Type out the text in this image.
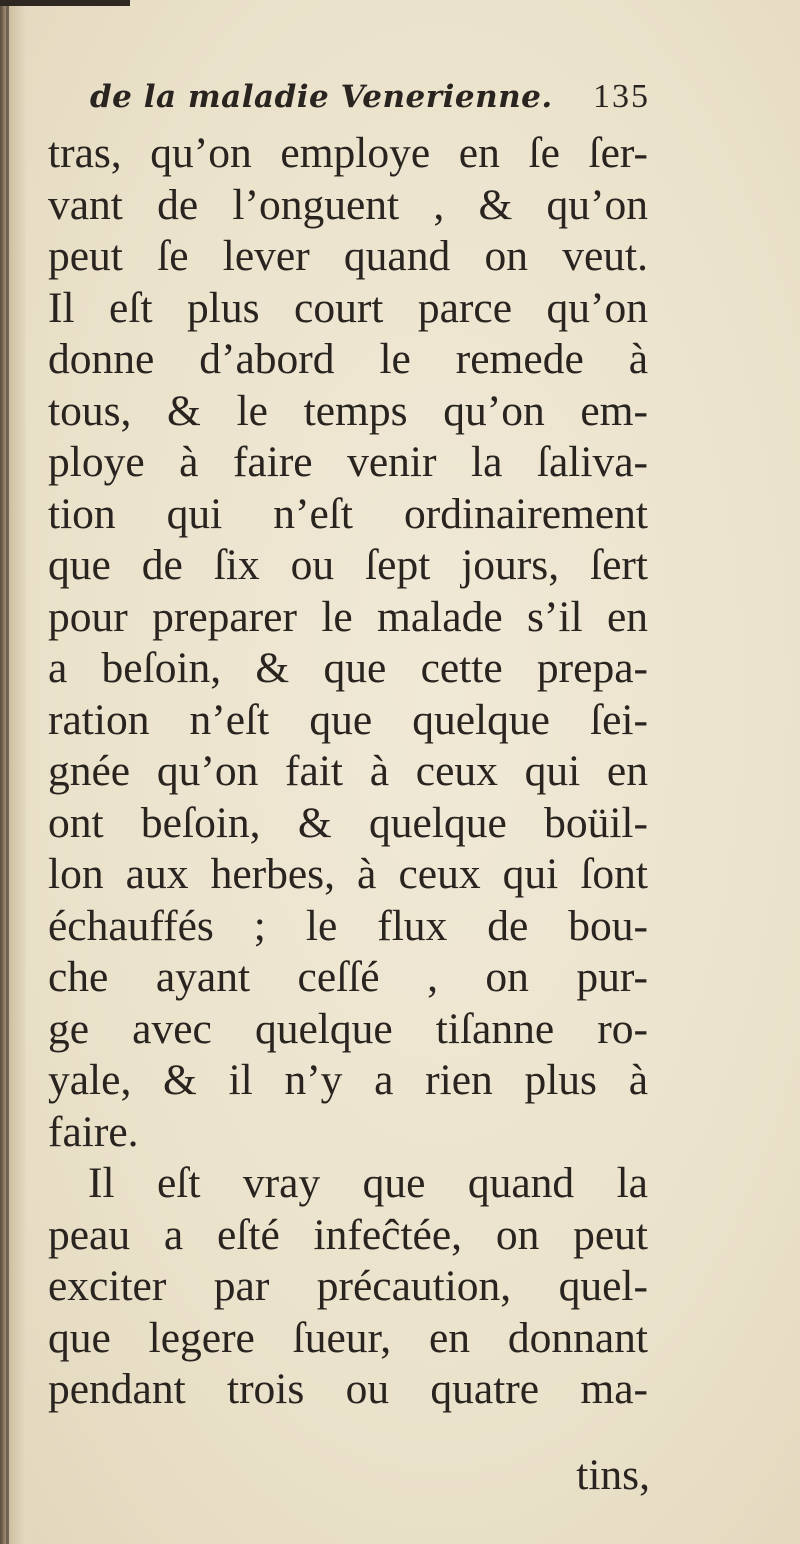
de la maladie Venerienne. 135
tras, qu’on employe en ſe ſer-
vant de l’onguent , & qu’on
peut ſe lever quand on veut.
Il eſt plus court parce qu’on
donne d’abord le remede à
tous, & le temps qu’on em-
ploye à faire venir la ſaliva-
tion qui n’eſt ordinairement
que de ſix ou ſept jours, ſert
pour preparer le malade s’il en
a beſoin, & que cette prepa-
ration n’eſt que quelque ſei-
gnée qu’on fait à ceux qui en
ont beſoin, & quelque boüil-
lon aux herbes, à ceux qui ſont
échauffés ; le flux de bou-
che ayant ceſſé , on pur-
ge avec quelque tiſanne ro-
yale, & il n’y a rien plus à
faire.
Il eſt vray que quand la
peau a eſté infeĉtée, on peut
exciter par précaution, quel-
que legere ſueur, en donnant
pendant trois ou quatre ma-
tins,
